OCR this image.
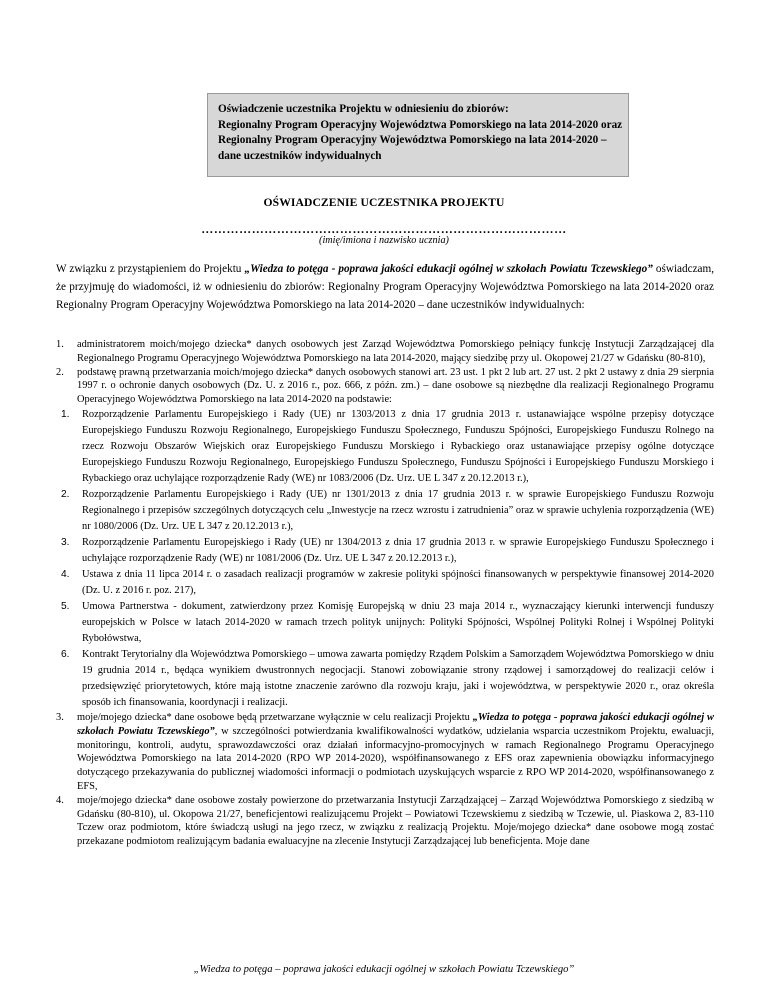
Oświadczenie uczestnika Projektu w odniesieniu do zbiorów:
Regionalny Program Operacyjny Województwa Pomorskiego na lata 2014-2020 oraz
Regionalny Program Operacyjny Województwa Pomorskiego na lata 2014-2020 –
dane uczestników indywidualnych
OŚWIADCZENIE UCZESTNIKA PROJEKTU
……………………………………………………………………………
(imię/imiona i nazwisko ucznia)
W związku z przystąpieniem do Projektu „Wiedza to potęga - poprawa jakości edukacji ogólnej w szkołach Powiatu Tczewskiego” oświadczam, że przyjmuję do wiadomości, iż w odniesieniu do zbiorów: Regionalny Program Operacyjny Województwa Pomorskiego na lata 2014-2020 oraz Regionalny Program Operacyjny Województwa Pomorskiego na lata 2014-2020 – dane uczestników indywidualnych:
1. administratorem moich/mojego dziecka* danych osobowych jest Zarząd Województwa Pomorskiego pełniący funkcję Instytucji Zarządzającej dla Regionalnego Programu Operacyjnego Województwa Pomorskiego na lata 2014-2020, mający siedzibę przy ul. Okopowej 21/27 w Gdańsku (80-810),
2. podstawę prawną przetwarzania moich/mojego dziecka* danych osobowych stanowi art. 23 ust. 1 pkt 2 lub art. 27 ust. 2 pkt 2 ustawy z dnia 29 sierpnia 1997 r. o ochronie danych osobowych (Dz. U. z 2016 r., poz. 666, z późn. zm.) – dane osobowe są niezbędne dla realizacji Regionalnego Programu Operacyjnego Województwa Pomorskiego na lata 2014-2020 na podstawie:
1. Rozporządzenie Parlamentu Europejskiego i Rady (UE) nr 1303/2013 z dnia 17 grudnia 2013 r. ustanawiające wspólne przepisy dotyczące Europejskiego Funduszu Rozwoju Regionalnego, Europejskiego Funduszu Społecznego, Funduszu Spójności, Europejskiego Funduszu Rolnego na rzecz Rozwoju Obszarów Wiejskich oraz Europejskiego Funduszu Morskiego i Rybackiego oraz ustanawiające przepisy ogólne dotyczące Europejskiego Funduszu Rozwoju Regionalnego, Europejskiego Funduszu Społecznego, Funduszu Spójności i Europejskiego Funduszu Morskiego i Rybackiego oraz uchylające rozporządzenie Rady (WE) nr 1083/2006 (Dz. Urz. UE L 347 z 20.12.2013 r.),
2. Rozporządzenie Parlamentu Europejskiego i Rady (UE) nr 1301/2013 z dnia 17 grudnia 2013 r. w sprawie Europejskiego Funduszu Rozwoju Regionalnego i przepisów szczególnych dotyczących celu „Inwestycje na rzecz wzrostu i zatrudnienia” oraz w sprawie uchylenia rozporządzenia (WE) nr 1080/2006 (Dz. Urz. UE L 347 z 20.12.2013 r.),
3. Rozporządzenie Parlamentu Europejskiego i Rady (UE) nr 1304/2013 z dnia 17 grudnia 2013 r. w sprawie Europejskiego Funduszu Społecznego i uchylające rozporządzenie Rady (WE) nr 1081/2006 (Dz. Urz. UE L 347 z 20.12.2013 r.),
4. Ustawa z dnia 11 lipca 2014 r. o zasadach realizacji programów w zakresie polityki spójności finansowanych w perspektywie finansowej 2014-2020 (Dz. U. z 2016 r. poz. 217),
5. Umowa Partnerstwa - dokument, zatwierdzony przez Komisję Europejską w dniu 23 maja 2014 r., wyznaczający kierunki interwencji funduszy europejskich w Polsce w latach 2014-2020 w ramach trzech polityk unijnych: Polityki Spójności, Wspólnej Polityki Rolnej i Wspólnej Polityki Rybołówstwa,
6. Kontrakt Terytorialny dla Województwa Pomorskiego – umowa zawarta pomiędzy Rządem Polskim a Samorządem Województwa Pomorskiego w dniu 19 grudnia 2014 r., będąca wynikiem dwustronnych negocjacji. Stanowi zobowiązanie strony rządowej i samorządowej do realizacji celów i przedsięwzięć priorytetowych, które mają istotne znaczenie zarówno dla rozwoju kraju, jaki i województwa, w perspektywie 2020 r., oraz określa sposób ich finansowania, koordynacji i realizacji.
3. moje/mojego dziecka* dane osobowe będą przetwarzane wyłącznie w celu realizacji Projektu „Wiedza to potęga - poprawa jakości edukacji ogólnej w szkołach Powiatu Tczewskiego”, w szczególności potwierdzania kwalifikowalności wydatków, udzielania wsparcia uczestnikom Projektu, ewaluacji, monitoringu, kontroli, audytu, sprawozdawczości oraz działań informacyjno-promocyjnych w ramach Regionalnego Programu Operacyjnego Województwa Pomorskiego na lata 2014-2020 (RPO WP 2014-2020), współfinansowanego z EFS oraz zapewnienia obowiązku informacyjnego dotyczącego przekazywania do publicznej wiadomości informacji o podmiotach uzyskujących wsparcie z RPO WP 2014-2020, współfinansowanego z EFS,
4. moje/mojego dziecka* dane osobowe zostały powierzone do przetwarzania Instytucji Zarządzającej – Zarząd Województwa Pomorskiego z siedzibą w Gdańsku (80-810), ul. Okopowa 21/27, beneficjentowi realizującemu Projekt – Powiatowi Tczewskiemu z siedzibą w Tczewie, ul. Piaskowa 2, 83-110 Tczew oraz podmiotom, które świadczą usługi na jego rzecz, w związku z realizacją Projektu. Moje/mojego dziecka* dane osobowe mogą zostać przekazane podmiotom realizującym badania ewaluacyjne na zlecenie Instytucji Zarządzającej lub beneficjenta. Moje dane
„Wiedza to potęga – poprawa jakości edukacji ogólnej w szkołach Powiatu Tczewskiego”
